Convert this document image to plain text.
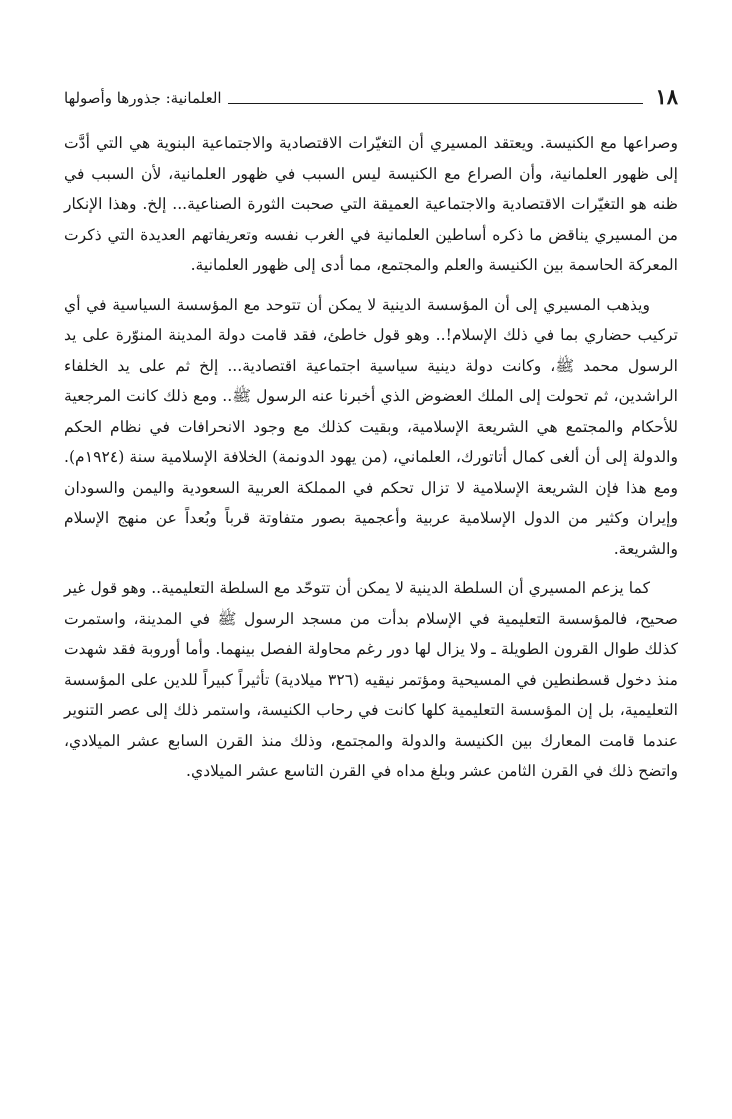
١٨
العلمانية: جذورها وأصولها

وصراعها مع الكنيسة. ويعتقد المسيري أن التغيّرات الاقتصادية والاجتماعية البنوية هي التي أدَّت إلى ظهور العلمانية، وأن الصراع مع الكنيسة ليس السبب في ظهور العلمانية، لأن السبب في ظنه هو التغيّرات الاقتصادية والاجتماعية العميقة التي صحبت الثورة الصناعية... إلخ. وهذا الإنكار من المسيري يناقض ما ذكره أساطين العلمانية في الغرب نفسه وتعريفاتهم العديدة التي ذكرت المعركة الحاسمة بين الكنيسة والعلم والمجتمع، مما أدى إلى ظهور العلمانية.

ويذهب المسيري إلى أن المؤسسة الدينية لا يمكن أن تتوحد مع المؤسسة السياسية في أي تركيب حضاري بما في ذلك الإسلام!.. وهو قول خاطئ، فقد قامت دولة المدينة المنوّرة على يد الرسول محمد ﷺ، وكانت دولة دينية سياسية اجتماعية اقتصادية... إلخ ثم على يد الخلفاء الراشدين، ثم تحولت إلى الملك العضوض الذي أخبرنا عنه الرسول ﷺ.. ومع ذلك كانت المرجعية للأحكام والمجتمع هي الشريعة الإسلامية، وبقيت كذلك مع وجود الانحرافات في نظام الحكم والدولة إلى أن ألغى كمال أتاتورك، العلماني، (من يهود الدونمة) الخلافة الإسلامية سنة (١٩٢٤م). ومع هذا فإن الشريعة الإسلامية لا تزال تحكم في المملكة العربية السعودية واليمن والسودان وإيران وكثير من الدول الإسلامية عربية وأعجمية بصور متفاوتة قرباً وبُعداً عن منهج الإسلام والشريعة.

كما يزعم المسيري أن السلطة الدينية لا يمكن أن تتوحّد مع السلطة التعليمية.. وهو قول غير صحيح، فالمؤسسة التعليمية في الإسلام بدأت من مسجد الرسول ﷺ في المدينة، واستمرت كذلك طوال القرون الطويلة ـ ولا يزال لها دور رغم محاولة الفصل بينهما. وأما أوروبة فقد شهدت منذ دخول قسطنطين في المسيحية ومؤتمر نيقيه (٣٢٦ ميلادية) تأثيراً كبيراً للدين على المؤسسة التعليمية، بل إن المؤسسة التعليمية كلها كانت في رحاب الكنيسة، واستمر ذلك إلى عصر التنوير عندما قامت المعارك بين الكنيسة والدولة والمجتمع، وذلك منذ القرن السابع عشر الميلادي، واتضح ذلك في القرن الثامن عشر وبلغ مداه في القرن التاسع عشر الميلادي.
